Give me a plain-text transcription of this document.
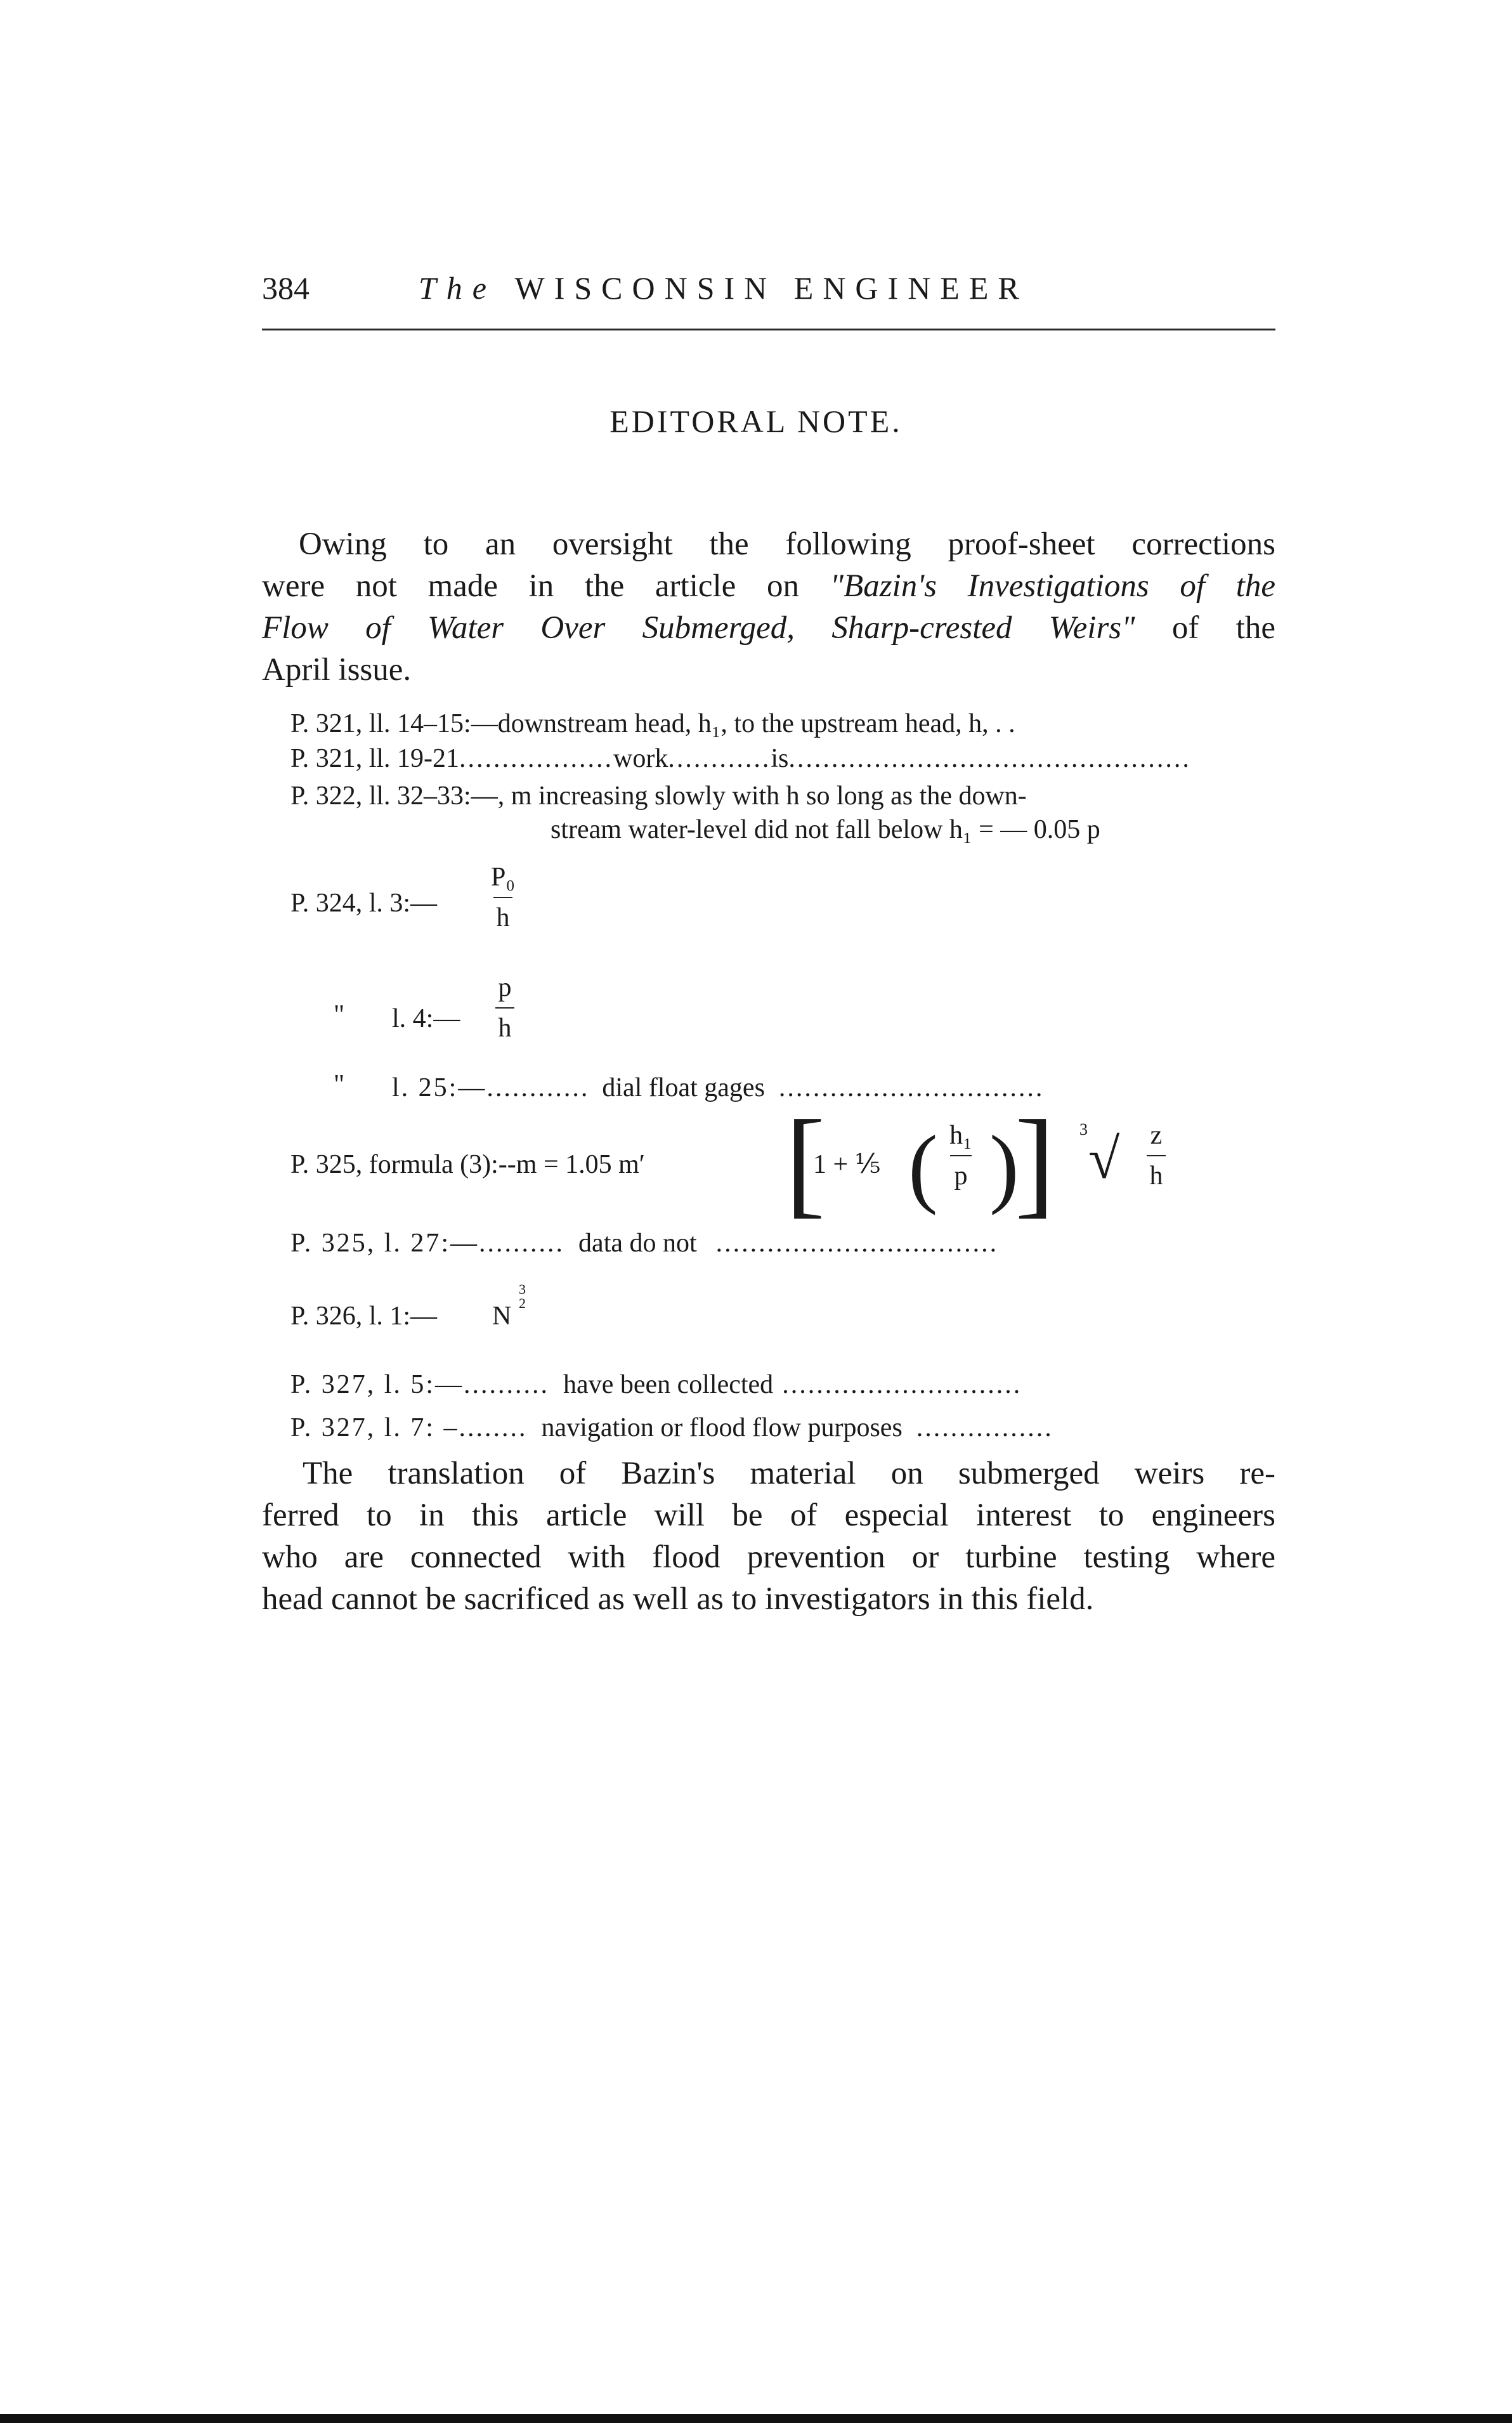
384	The WISCONSIN ENGINEER
EDITORAL NOTE.
Owing to an oversight the following proof-sheet corrections
were not made in the article on "Bazin's Investigations of the
Flow of Water Over Submerged, Sharp-crested Weirs" of the
April issue.
P. 321, ll. 14–15:—downstream head, h₁, to the upstream head, h, . .
P. 321, ll. 19-21 .................. work ............ is ...............................................
P. 322, ll. 32–33:—, m increasing slowly with h so long as the down-
stream water-level did not fall below h₁ = — 0.05 p
P. 324, l. 3:—
P₀
h
" l. 4:—
p
h
" l. 25:—............ dial float gages ...............................
P. 325, formula (3):--m = 1.05 m′ [
1 + ⅕ ( h₁
p )
] 3 √	z
h
P. 325, l. 27:—.......... data do not .................................
P. 326, l. 1:— N
3
2
P. 327, l. 5:—.......... have been collected ............................
P. 327, l. 7: –........ navigation or flood flow purposes ................
The translation of Bazin's material on submerged weirs re-
ferred to in this article will be of especial interest to engineers
who are connected with flood prevention or turbine testing where
head cannot be sacrificed as well as to investigators in this field.
